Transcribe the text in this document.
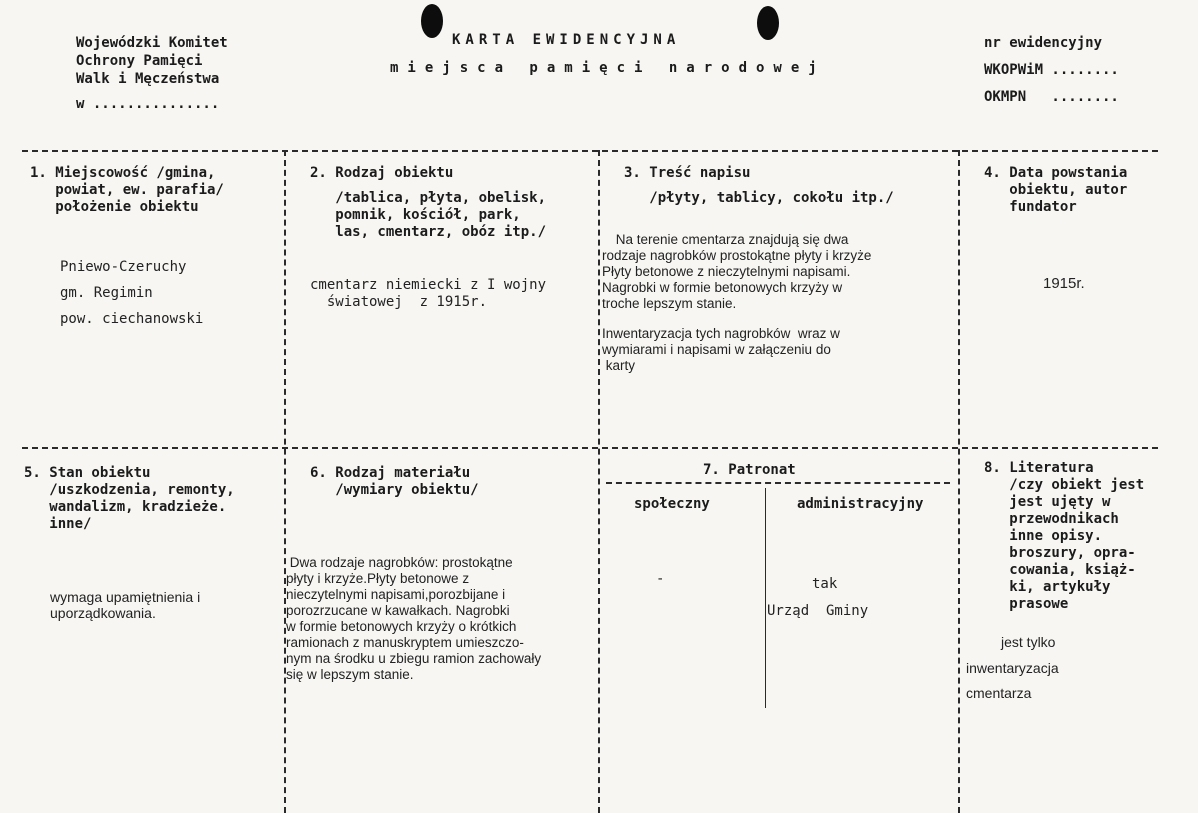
Wojewódzki Komitet
Ochrony Pamięci
Walk i Męczeństwa
w ...............
KARTA EWIDENCYJNA
miejsca pamięci narodowej
nr ewidencyjny
WKOPWiM ........
OKMPN   ........
1. Miejscowość /gmina,
powiat, ew. parafia/
położenie obiektu
Pniewo-Czeruchy
gm. Regimin
pow. ciechanowski
2. Rodzaj obiektu
/tablica, płyta, obelisk,
pomnik, kościół, park,
las, cmentarz, obóz itp./
cmentarz niemiecki z I wojny
światowej  z 1915r.
3. Treść napisu
/płyty, tablicy, cokołu itp./
Na terenie cmentarza znajdują się dwa
rodzaje nagrobków prostokątne płyty i krzyże
Płyty betonowe z nieczytelnymi napisami.
Nagrobki w formie betonowych krzyży w
troche lepszym stanie.
Inwentaryzacja tych nagrobków  wraz w
wymiarami i napisami w załączeniu do
karty
4. Data powstania
obiektu, autor
fundator
1915r.
5. Stan obiektu
/uszkodzenia, remonty,
wandalizm, kradzieże.
inne/
wymaga upamiętnienia i
uporządkowania.
6. Rodzaj materiału
/wymiary obiektu/
Dwa rodzaje nagrobków: prostokątne
płyty i krzyże.Płyty betonowe z
nieczytelnymi napisami,porozbijane i
porozrzucane w kawałkach. Nagrobki
w formie betonowych krzyży o krótkich
ramionach z manuskryptem umieszczo-
nym na środku u zbiegu ramion zachowały
się w lepszym stanie.
7. Patronat
społeczny	administracyjny
-	tak
Urząd  Gminy
8. Literatura
/czy obiekt jest
jest ujęty w
przewodnikach
inne opisy.
broszury, opra-
cowania, książ-
ki, artykuły
prasowe
jest tylko
inwentaryzacja
cmentarza
